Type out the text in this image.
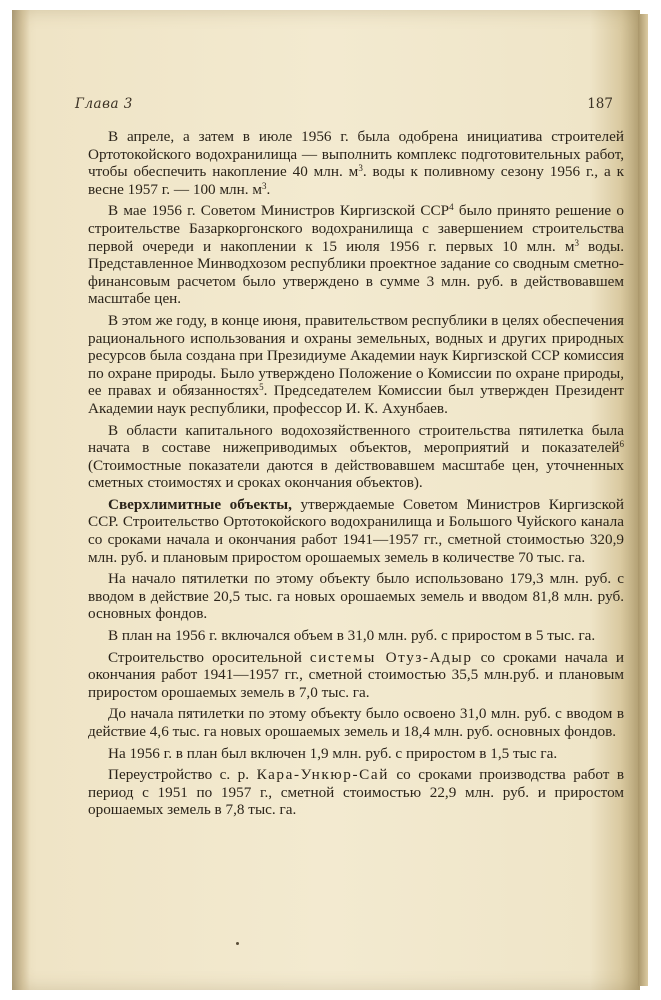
Глава 3	187

В апреле, а затем в июле 1956 г. была одобрена инициатива строителей Ортотокойского водохранилища — выполнить комплекс подготовительных работ, чтобы обеспечить накопление 40 млн. $м^3$. воды к поливному сезону 1956 г., а к весне 1957 г. — 100 млн. $м^3$.

В мае 1956 г. Советом Министров Киргизской ССР$^4$ было принято решение о строительстве Базаркоргонского водохранилища с завершением строительства первой очереди и накоплении к 15 июля 1956 г. первых 10 млн. $м^3$ воды. Представленное Минводхозом республики проектное задание со сводным сметно-финансовым расчетом было утверждено в сумме 3 млн. руб. в действовавшем масштабе цен.

В этом же году, в конце июня, правительством республики в целях обеспечения рационального использования и охраны земельных, водных и других природных ресурсов была создана при Президиуме Академии наук Киргизской ССР комиссия по охране природы. Было утверждено Положение о Комиссии по охране природы, ее правах и обязанностях$^5$. Председателем Комиссии был утвержден Президент Академии наук республики, профессор И. К. Ахунбаев.

В области капитального водохозяйственного строительства пятилетка была начата в составе нижеприводимых объектов, мероприятий и показателей$^6$ (Стоимостные показатели даются в действовавшем масштабе цен, уточненных сметных стоимостях и сроках окончания объектов).

Сверхлимитные объекты, утверждаемые Советом Министров Киргизской ССР. Строительство Ортотокойского водохранилища и Большого Чуйского канала со сроками начала и окончания работ 1941—1957 гг., сметной стоимостью 320,9 млн. руб. и плановым приростом орошаемых земель в количестве 70 тыс. га.

На начало пятилетки по этому объекту было использовано 179,3 млн. руб. с вводом в действие 20,5 тыс. га новых орошаемых земель и вводом 81,8 млн. руб. основных фондов.

В план на 1956 г. включался объем в 31,0 млн. руб. с приростом в 5 тыс. га.

Строительство оросительной системы Отуз-Адыр со сроками начала и окончания работ 1941—1957 гг., сметной стоимостью 35,5 млн.руб. и плановым приростом орошаемых земель в 7,0 тыс. га.

До начала пятилетки по этому объекту было освоено 31,0 млн. руб. с вводом в действие 4,6 тыс. га новых орошаемых земель и 18,4 млн. руб. основных фондов.

На 1956 г. в план был включен 1,9 млн. руб. с приростом в 1,5 тыс га.

Переустройство с. р. Кара-Ункюр-Сай со сроками производства работ в период с 1951 по 1957 г., сметной стоимостью 22,9 млн. руб. и приростом орошаемых земель в 7,8 тыс. га.
